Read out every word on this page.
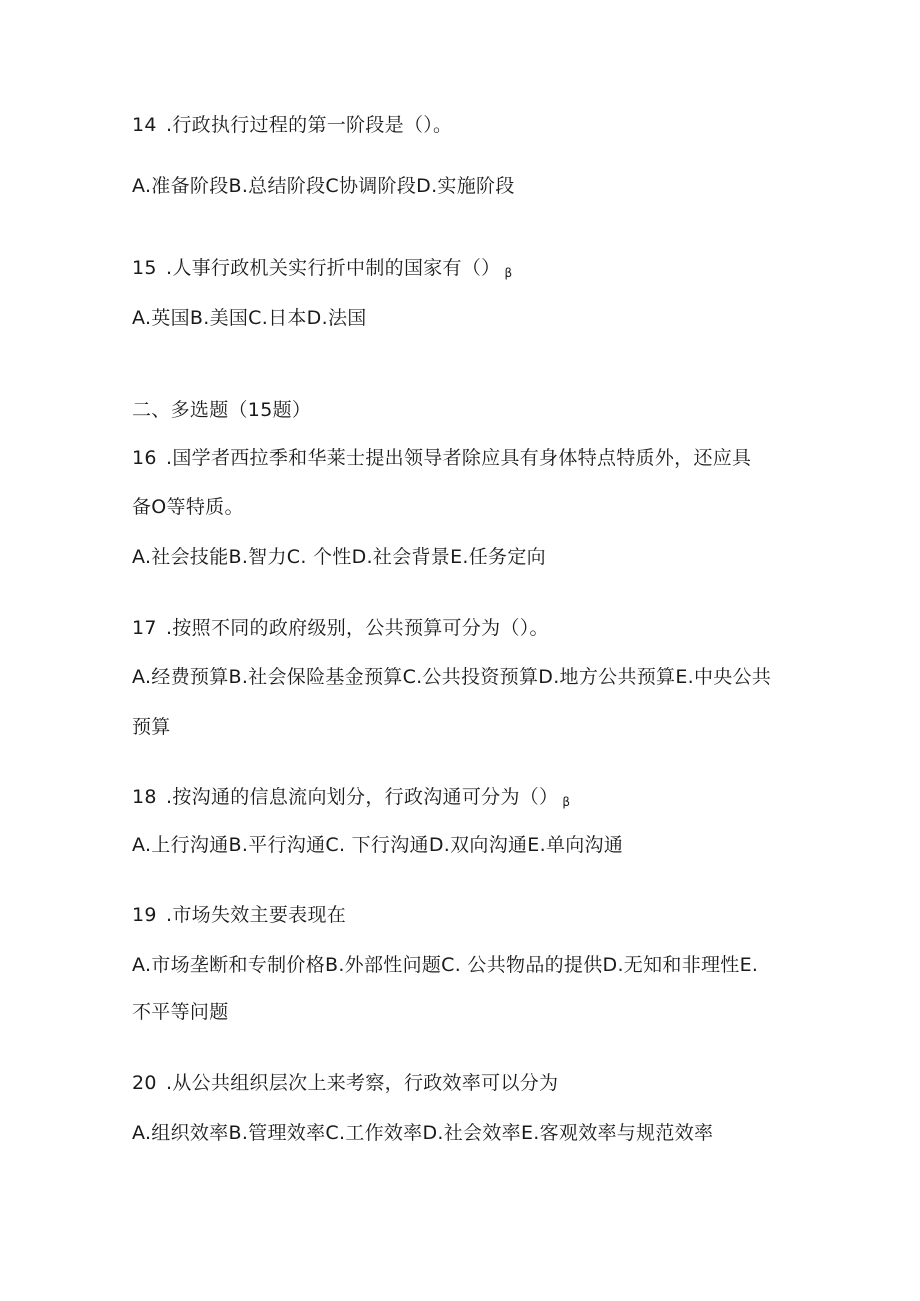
14 .行政执行过程的第一阶段是（）。
A.准备阶段B.总结阶段C协调阶段D.实施阶段
15 .人事行政机关实行折中制的国家有（） β
A.英国B.美国C.日本D.法国
二、多选题（15题）
16 .国学者西拉季和华莱士提出领导者除应具有身体特点特质外，还应具
备O等特质。
A.社会技能B.智力C. 个性D.社会背景E.任务定向
17 .按照不同的政府级别，公共预算可分为（）。
A.经费预算B.社会保险基金预算C.公共投资预算D.地方公共预算E.中央公共
预算
18 .按沟通的信息流向划分，行政沟通可分为（） β
A.上行沟通B.平行沟通C. 下行沟通D.双向沟通E.单向沟通
19 .市场失效主要表现在
A.市场垄断和专制价格B.外部性问题C. 公共物品的提供D.无知和非理性E.
不平等问题
20 .从公共组织层次上来考察，行政效率可以分为
A.组织效率B.管理效率C.工作效率D.社会效率E.客观效率与规范效率
